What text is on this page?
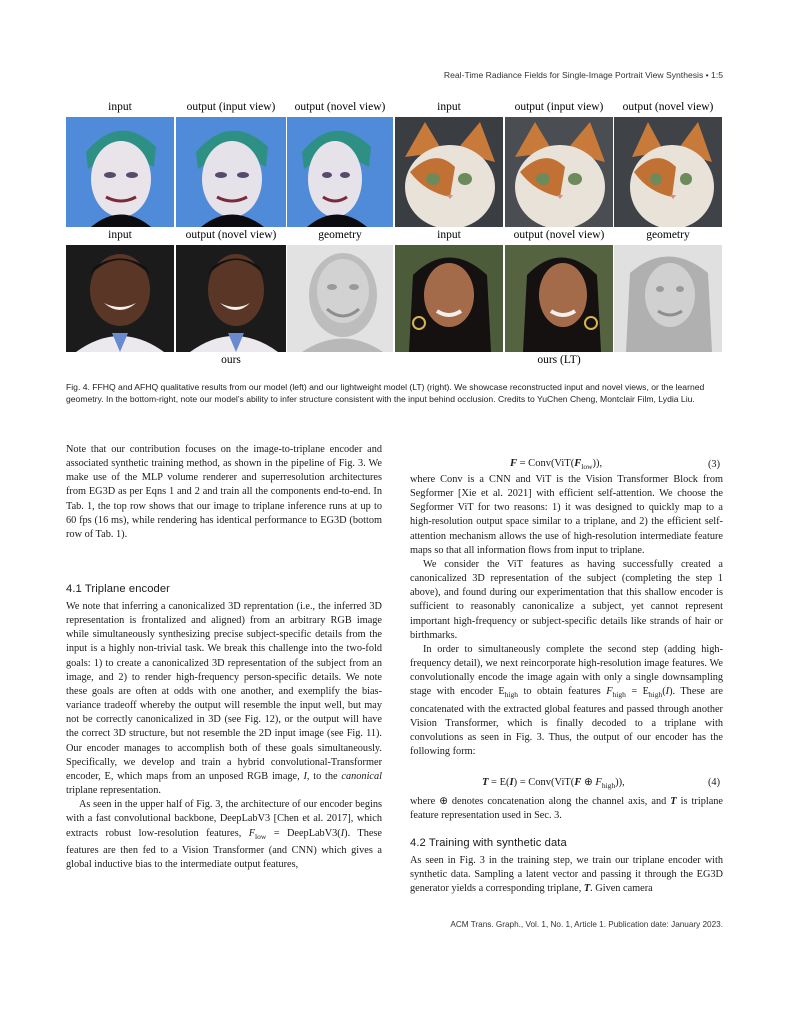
Real-Time Radiance Fields for Single-Image Portrait View Synthesis • 1:5
input	output (input view)	output (novel view)	input	output (input view)	output (novel view)
input	output (novel view)	geometry	input	output (novel view)	geometry
ours	ours (LT)
Fig. 4. FFHQ and AFHQ qualitative results from our model (left) and our lightweight model (LT) (right). We showcase reconstructed input and novel views, or the learned geometry. In the bottom-right, note our model’s ability to infer structure consistent with the input behind occlusion. Credits to YuChen Cheng, Montclair Film, Lydia Liu.

Note that our contribution focuses on the image-to-triplane encoder and associated synthetic training method, as shown in the pipeline of Fig. 3. We make use of the MLP volume renderer and superresolution architectures from EG3D as per Eqns 1 and 2 and train all the components end-to-end. In Tab. 1, the top row shows that our image to triplane inference runs at up to 60 fps (16 ms), while rendering has identical performance to EG3D (bottom row of Tab. 1).

4.1 Triplane encoder

We note that inferring a canonicalized 3D reprentation (i.e., the inferred 3D representation is frontalized and aligned) from an arbitrary RGB image while simultaneously synthesizing precise subject-specific details from the input is a highly non-trivial task. We break this challenge into the two-fold goals: 1) to create a canonicalized 3D representation of the subject from an image, and 2) to render high-frequency person-specific details. We note these goals are often at odds with one another, and exemplify the bias-variance tradeoff whereby the output will resemble the input well, but may not be correctly canonicalized in 3D (see Fig. 12), or the output will have the correct 3D structure, but not resemble the 2D input image (see Fig. 11). Our encoder manages to accomplish both of these goals simultaneously. Specifically, we develop and train a hybrid convolutional-Transformer encoder, E, which maps from an unposed RGB image, I, to the canonical triplane representation.

As seen in the upper half of Fig. 3, the architecture of our encoder begins with a fast convolutional backbone, DeepLabV3 [Chen et al. 2017], which extracts robust low-resolution features, $F_{low}$ = DeepLabV3(I). These features are then fed to a Vision Transformer (and CNN) which gives a global inductive bias to the intermediate output features,

$F = Conv(ViT(F_{low}))$,	(3)

where Conv is a CNN and ViT is the Vision Transformer Block from Segformer [Xie et al. 2021] with efficient self-attention. We choose the Segformer ViT for two reasons: 1) it was designed to quickly map to a high-resolution output space similar to a triplane, and 2) the efficient self-attention mechanism allows the use of high-resolution intermediate feature maps so that all information flows from input to triplane.

We consider the ViT features as having successfully created a canonicalized 3D representation of the subject (completing the step 1 above), and found during our experimentation that this shallow encoder is sufficient to reasonably canonicalize a subject, yet cannot represent important high-frequency or subject-specific details like strands of hair or birthmarks.

In order to simultaneously complete the second step (adding high-frequency detail), we next reincorporate high-resolution image features. We convolutionally encode the image again with only a single downsampling stage with encoder $E_{high}$ to obtain features $F_{high} = E_{high}(I)$. These are concatenated with the extracted global features and passed through another Vision Transformer, which is finally decoded to a triplane with convolutions as seen in Fig. 3. Thus, the output of our encoder has the following form:

T = E(I) = Conv(ViT(F ⊕ $F_{high}$)),	(4)

where ⊕ denotes concatenation along the channel axis, and T is triplane feature representation used in Sec. 3.

4.2 Training with synthetic data

As seen in Fig. 3 in the training step, we train our triplane encoder with synthetic data. Sampling a latent vector and passing it through the EG3D generator yields a corresponding triplane, T. Given camera

ACM Trans. Graph., Vol. 1, No. 1, Article 1. Publication date: January 2023.
